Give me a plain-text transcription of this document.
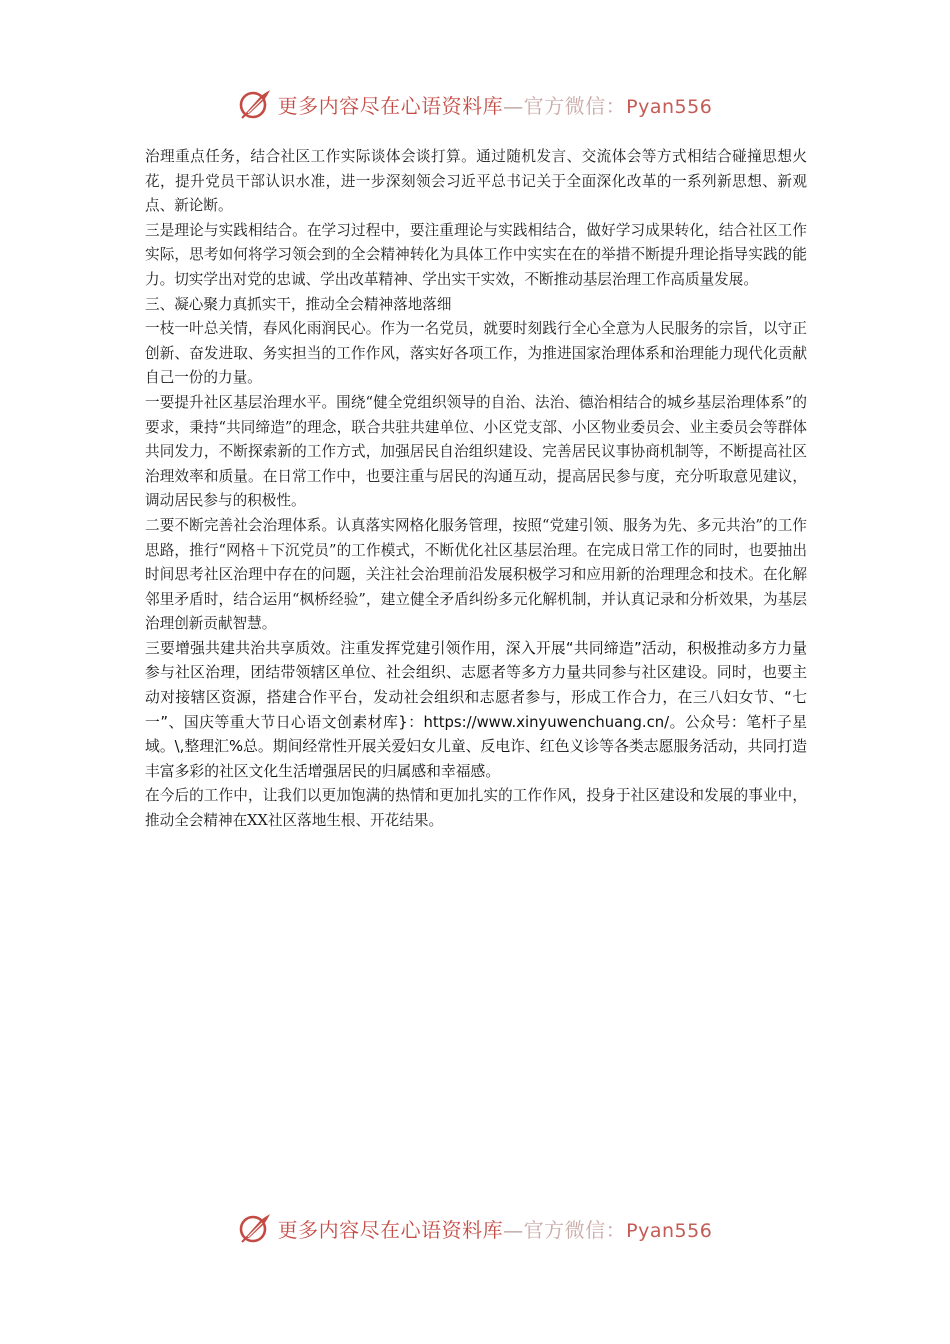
更多内容尽在心语资料库—官方微信：Pyan556

治理重点任务，结合社区工作实际谈体会谈打算。通过随机发言、交流体会等方式相结合碰撞思想火花，提升党员干部认识水准，进一步深刻领会习近平总书记关于全面深化改革的一系列新思想、新观点、新论断。

三是理论与实践相结合。在学习过程中，要注重理论与实践相结合，做好学习成果转化，结合社区工作实际，思考如何将学习领会到的全会精神转化为具体工作中实实在在的举措不断提升理论指导实践的能力。切实学出对党的忠诚、学出改革精神、学出实干实效，不断推动基层治理工作高质量发展。

三、凝心聚力真抓实干，推动全会精神落地落细

一枝一叶总关情，春风化雨润民心。作为一名党员，就要时刻践行全心全意为人民服务的宗旨，以守正创新、奋发进取、务实担当的工作作风，落实好各项工作，为推进国家治理体系和治理能力现代化贡献自己一份的力量。

一要提升社区基层治理水平。围绕“健全党组织领导的自治、法治、德治相结合的城乡基层治理体系”的要求，秉持“共同缔造”的理念，联合共驻共建单位、小区党支部、小区物业委员会、业主委员会等群体共同发力，不断探索新的工作方式，加强居民自治组织建设、完善居民议事协商机制等，不断提高社区治理效率和质量。在日常工作中，也要注重与居民的沟通互动，提高居民参与度，充分听取意见建议，调动居民参与的积极性。

二要不断完善社会治理体系。认真落实网格化服务管理，按照“党建引领、服务为先、多元共治”的工作思路，推行“网格＋下沉党员”的工作模式，不断优化社区基层治理。在完成日常工作的同时，也要抽出时间思考社区治理中存在的问题，关注社会治理前沿发展积极学习和应用新的治理理念和技术。在化解邻里矛盾时，结合运用“枫桥经验”，建立健全矛盾纠纷多元化解机制，并认真记录和分析效果，为基层治理创新贡献智慧。

三要增强共建共治共享质效。注重发挥党建引领作用，深入开展“共同缔造”活动，积极推动多方力量参与社区治理，团结带领辖区单位、社会组织、志愿者等多方力量共同参与社区建设。同时，也要主动对接辖区资源，搭建合作平台，发动社会组织和志愿者参与，形成工作合力，在三八妇女节、“七一”、国庆等重大节日心语文创素材库}：https://www.xinyuwenchuang.cn/。公众号：笔杆子星域。\,整理汇%总。期间经常性开展关爱妇女儿童、反电诈、红色义诊等各类志愿服务活动，共同打造丰富多彩的社区文化生活增强居民的归属感和幸福感。

在今后的工作中，让我们以更加饱满的热情和更加扎实的工作作风，投身于社区建设和发展的事业中，推动全会精神在XX社区落地生根、开花结果。

更多内容尽在心语资料库—官方微信：Pyan556
